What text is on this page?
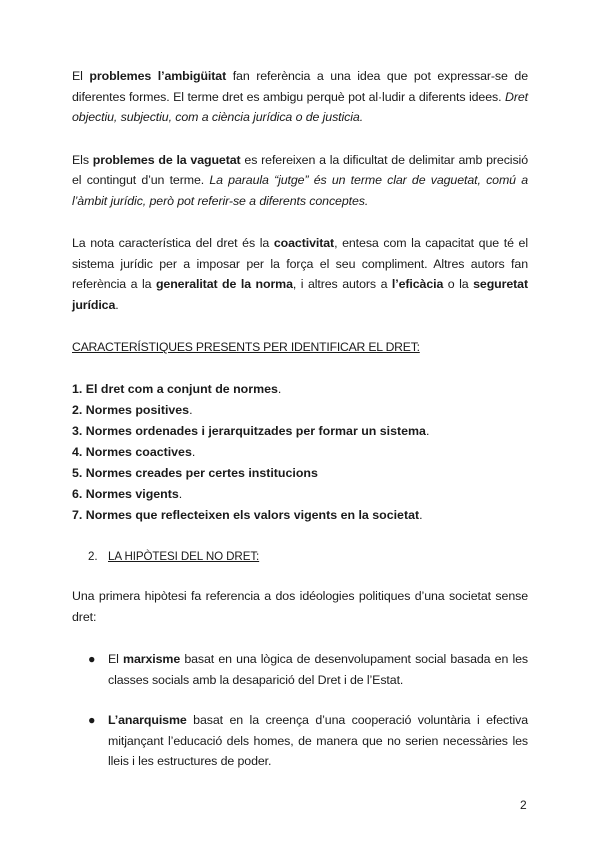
El problemes l’ambigüitat fan referència a una idea que pot expressar-se de diferentes formes. El terme dret es ambigu perquè pot al·ludir a diferents idees. Dret objectiu, subjectiu, com a ciència jurídica o de justicia.

Els problemes de la vaguetat es refereixen a la dificultat de delimitar amb precisió el contingut d’un terme. La paraula “jutge” és un terme clar de vaguetat, comú a l’àmbit jurídic, però pot referir-se a diferents conceptes.

La nota característica del dret és la coactivitat, entesa com la capacitat que té el sistema jurídic per a imposar per la força el seu compliment. Altres autors fan referència a la generalitat de la norma, i altres autors a l’eficàcia o la seguretat jurídica.

CARACTERÍSTIQUES PRESENTS PER IDENTIFICAR EL DRET:

1. El dret com a conjunt de normes.
2. Normes positives.
3. Normes ordenades i jerarquitzades per formar un sistema.
4. Normes coactives.
5. Normes creades per certes institucions
6. Normes vigents.
7. Normes que reflecteixen els valors vigents en la societat.

2. LA HIPÒTESI DEL NO DRET:

Una primera hipòtesi fa referencia a dos idéologies politiques d’una societat sense dret:

● El marxisme basat en una lògica de desenvolupament social basada en les classes socials amb la desaparició del Dret i de l’Estat.

● L’anarquisme basat en la creença d’una cooperació voluntària i efectiva mitjançant l’educació dels homes, de manera que no serien necessàries les lleis i les estructures de poder.

2
